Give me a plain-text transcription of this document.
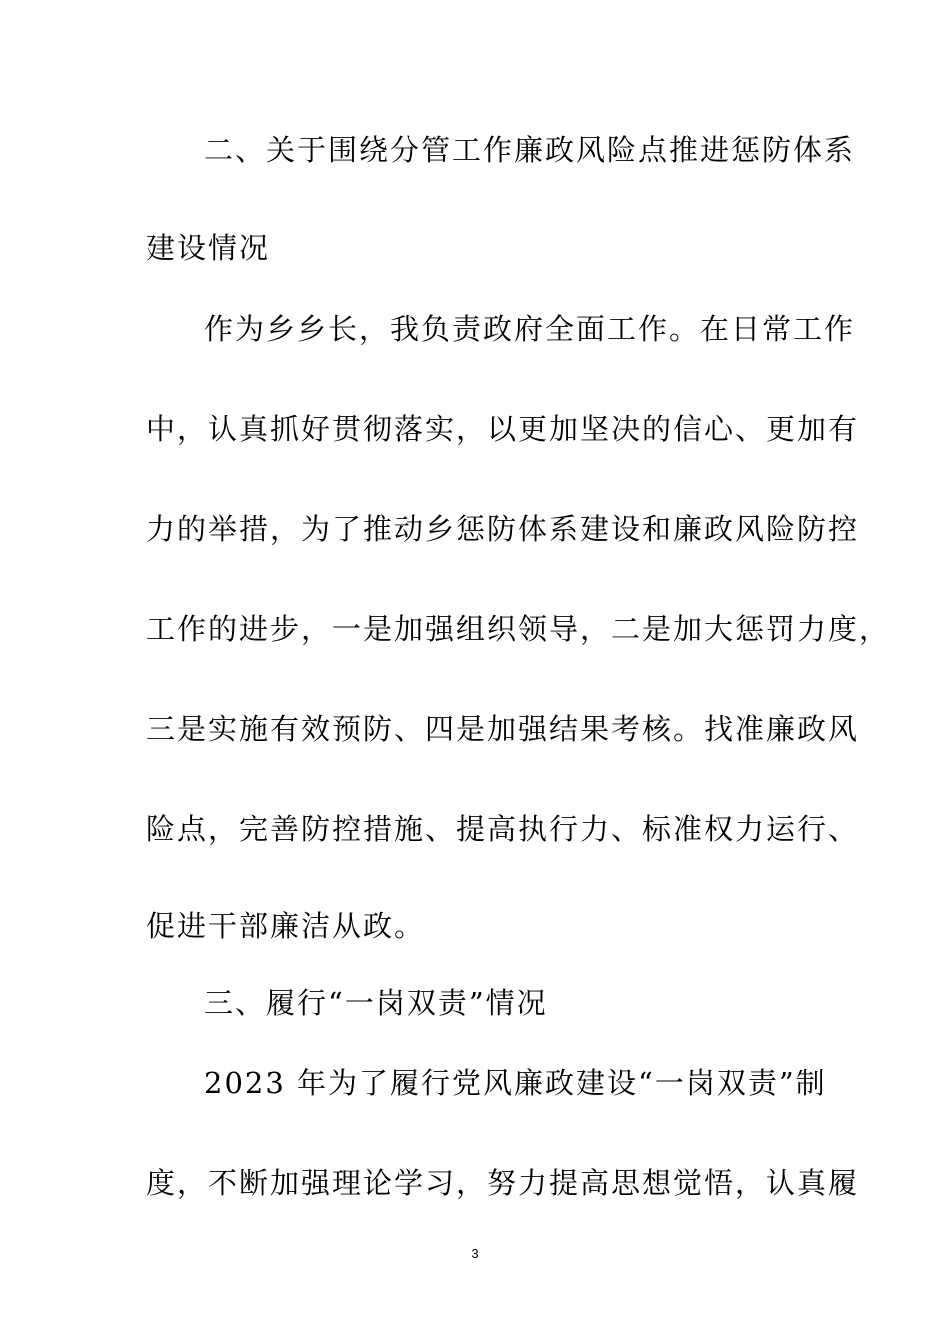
二、关于围绕分管工作廉政风险点推进惩防体系
建设情况
作为乡乡长，我负责政府全面工作。在日常工作
中，认真抓好贯彻落实，以更加坚决的信心、更加有
力的举措，为了推动乡惩防体系建设和廉政风险防控
工作的进步，一是加强组织领导，二是加大惩罚力度，
三是实施有效预防、四是加强结果考核。找准廉政风
险点，完善防控措施、提高执行力、标准权力运行、
促进干部廉洁从政。
三、履行“一岗双责”情况
2023 年为了履行党风廉政建设“一岗双责”制
度，不断加强理论学习，努力提高思想觉悟，认真履
3
